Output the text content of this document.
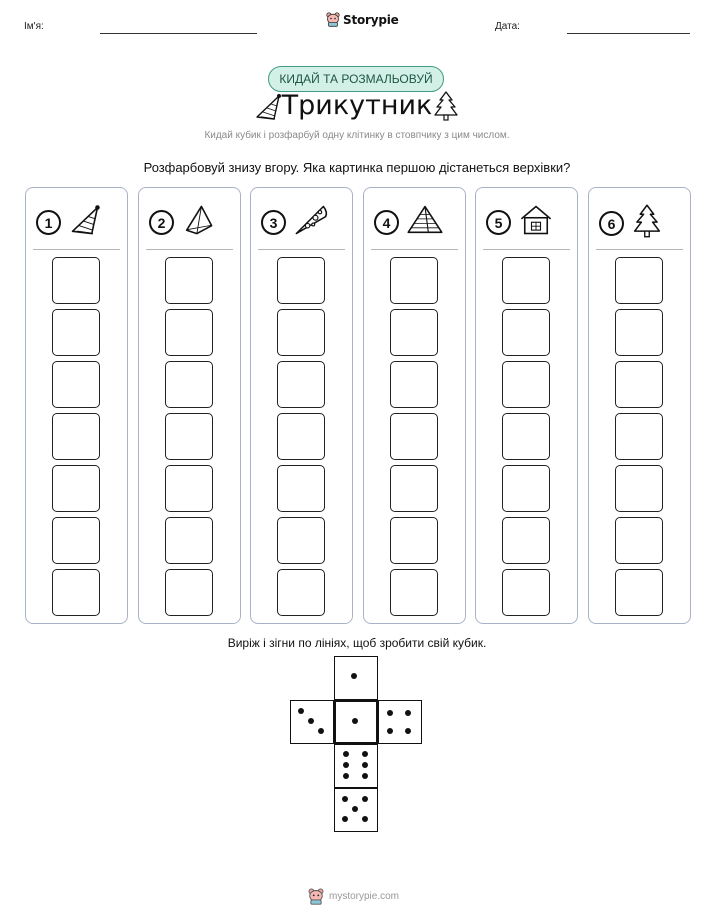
Ім'я:	Storypie	Дата:
КИДАЙ ТА РОЗМАЛЬОВУЙ
Трикутник
Кидай кубик і розфарбуй одну клітинку в стовпчику з цим числом.
Розфарбовуй знизу вгору. Яка картинка першою дістанеться верхівки?
1	2	3	4	5	6
Виріж і зігни по лініях, щоб зробити свій кубик.
mystorypie.com
